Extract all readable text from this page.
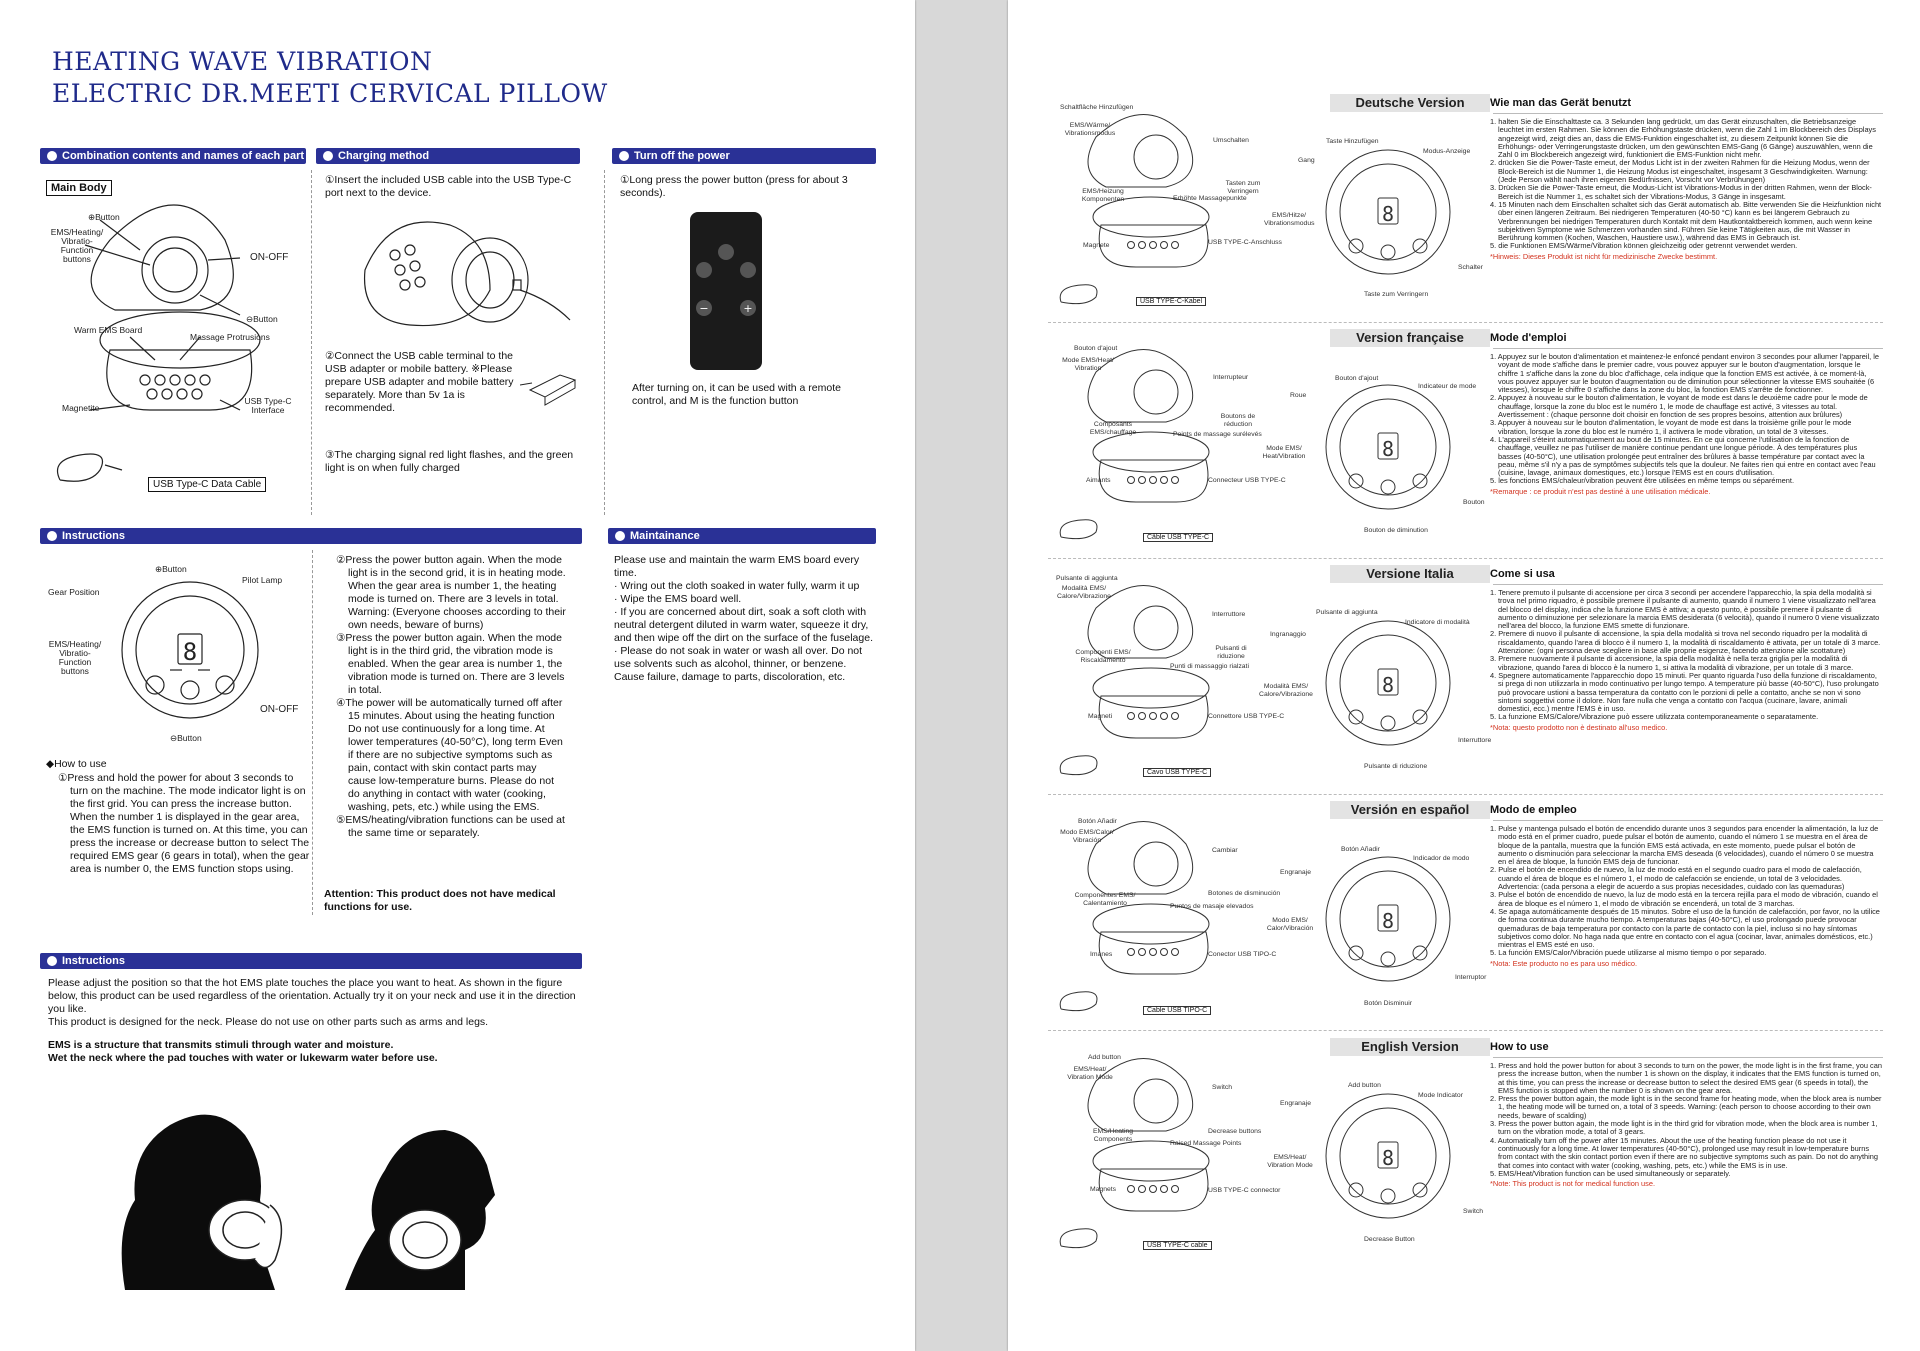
HEATING WAVE VIBRATION
ELECTRIC DR.MEETI CERVICAL PILLOW
Combination contents and names of each part	Charging method	Turn off the power
Main Body
⊕Button
EMS/Heating/ Vibratio-Function buttons	ON-OFF
⊖Button
Warm EMS Board
Massage Protrusions
Magnetite
USB Type-C Interface
USB Type-C Data Cable
①Insert the included USB cable into the USB Type-C port next to the device.
②Connect the USB cable terminal to the USB adapter or mobile battery. ※Please prepare USB adapter and mobile battery separately. More than 5v 1a is recommended.
③The charging signal red light flashes, and the green light is on when fully charged
①Long press the power button (press for about 3 seconds).
−	+
After turning on, it can be used with a remote control, and M is the function button
Instructions	Maintainance
8
⊕Button
Pilot Lamp
Gear Position
EMS/Heating/ Vibratio-Function buttons
ON-OFF
⊖Button
◆How to use
①Press and hold the power for about 3 seconds to turn on the machine. The mode indicator light is on the first grid. You can press the increase button. When the number 1 is displayed in the gear area, the EMS function is turned on. At this time, you can press the increase or decrease button to select The required EMS gear (6 gears in total), when the gear area is number 0, the EMS function stops using.

②Press the power button again. When the mode light is in the second grid, it is in heating mode. When the gear area is number 1, the heating mode is turned on. There are 3 levels in total. Warning: (Everyone chooses according to their own needs, beware of burns)

③Press the power button again. When the mode light is in the third grid, the vibration mode is enabled. When the gear area is number 1, the vibration mode is turned on. There are 3 levels in total.

④The power will be automatically turned off after 15 minutes. About using the heating function Do not use continuously for a long time. At lower temperatures (40-50°C), long term Even if there are no subjective symptoms such as pain, contact with skin contact parts may cause low-temperature burns. Please do not do anything in contact with water (cooking, washing, pets, etc.) while using the EMS.

⑤EMS/heating/vibration functions can be used at the same time or separately.

Attention: This product does not have medical functions for use.

Please use and maintain the warm EMS board every time.

· Wring out the cloth soaked in water fully, warm it up

· Wipe the EMS board well.

· If you are concerned about dirt, soak a soft cloth with neutral detergent diluted in warm water, squeeze it dry, and then wipe off the dirt on the surface of the fuselage.

· Please do not soak in water or wash all over. Do not use solvents such as alcohol, thinner, or benzene. Cause failure, damage to parts, discoloration, etc.

Instructions

Please adjust the position so that the hot EMS plate touches the place you want to heat. As shown in the figure below, this product can be used regardless of the orientation. Actually try it on your neck and use it in the direction you like.

This product is designed for the neck. Please do not use on other parts such as arms and legs.

EMS is a structure that transmits stimuli through water and moisture.

Wet the neck where the pad touches with water or lukewarm water before use.

8
Schaltfläche Hinzufügen
EMS/Wärme/ Vibrationsmodus
Umschalten
Tasten zum Verringern
EMS/Heizung Komponenten	Erhöhte Massagepunkte
Magnete	USB TYPE-C-Anschluss
USB TYPE-C-Kabel
Taste Hinzufügen
Modus-Anzeige
Gang
EMS/Hitze/ Vibrationsmodus
Schalter
Taste zum Verringern
Deutsche Version	Wie man das Gerät benutzt

1. halten Sie die Einschalttaste ca. 3 Sekunden lang gedrückt, um das Gerät einzuschalten, die Betriebsanzeige leuchtet im ersten Rahmen. Sie können die Erhöhungstaste drücken, wenn die Zahl 1 im Blockbereich des Displays angezeigt wird, zeigt dies an, dass die EMS-Funktion eingeschaltet ist, zu diesem Zeitpunkt können Sie die Erhöhungs- oder Verringerungstaste drücken, um den gewünschten EMS-Gang (6 Gänge) auszuwählen, wenn die Zahl 0 im Blockbereich angezeigt wird, funktioniert die EMS-Funktion nicht mehr.

2. drücken Sie die Power-Taste erneut, der Modus Licht ist in der zweiten Rahmen für die Heizung Modus, wenn der Block-Bereich ist die Nummer 1, die Heizung Modus ist eingeschaltet, insgesamt 3 Geschwindigkeiten. Warnung: (Jede Person wählt nach ihren eigenen Bedürfnissen, Vorsicht vor Verbrühungen)

3. Drücken Sie die Power-Taste erneut, die Modus-Licht ist Vibrations-Modus in der dritten Rahmen, wenn der Block-Bereich ist die Nummer 1, es schaltet sich der Vibrations-Modus, 3 Gänge in insgesamt.

4. 15 Minuten nach dem Einschalten schaltet sich das Gerät automatisch ab. Bitte verwenden Sie die Heizfunktion nicht über einen längeren Zeitraum. Bei niedrigeren Temperaturen (40-50 °C) kann es bei längerem Gebrauch zu Verbrennungen bei niedrigen Temperaturen durch Kontakt mit dem Hautkontaktbereich kommen, auch wenn keine subjektiven Symptome wie Schmerzen vorhanden sind. Führen Sie keine Tätigkeiten aus, die mit Wasser in Berührung kommen (Kochen, Waschen, Haustiere usw.), während das EMS in Gebrauch ist.

5. die Funktionen EMS/Wärme/Vibration können gleichzeitig oder getrennt verwendet werden.

*Hinweis: Dieses Produkt ist nicht für medizinische Zwecke bestimmt.

8
Bouton d'ajout
Mode EMS/Heat/ Vibration
Interrupteur
Boutons de réduction
Composants EMS/chauffage	Points de massage surélevés
Aimants	Connecteur USB TYPE-C
Câble USB TYPE-C
Bouton d'ajout
Indicateur de mode
Roue
Mode EMS/ Heat/Vibration
Bouton
Bouton de diminution
Version française	Mode d'emploi

1. Appuyez sur le bouton d'alimentation et maintenez-le enfoncé pendant environ 3 secondes pour allumer l'appareil, le voyant de mode s'affiche dans le premier cadre, vous pouvez appuyer sur le bouton d'augmentation, lorsque le chiffre 1 s'affiche dans la zone du bloc d'affichage, cela indique que la fonction EMS est activée, à ce moment-là, vous pouvez appuyer sur le bouton d'augmentation ou de diminution pour sélectionner la vitesse EMS souhaitée (6 vitesses), lorsque le chiffre 0 s'affiche dans la zone du bloc, la fonction EMS s'arrête de fonctionner.

2. Appuyez à nouveau sur le bouton d'alimentation, le voyant de mode est dans le deuxième cadre pour le mode de chauffage, lorsque la zone du bloc est le numéro 1, le mode de chauffage est activé, 3 vitesses au total. Avertissement : (chaque personne doit choisir en fonction de ses propres besoins, attention aux brûlures)

3. Appuyer à nouveau sur le bouton d'alimentation, le voyant de mode est dans la troisième grille pour le mode vibration, lorsque la zone du bloc est le numéro 1, il activera le mode vibration, un total de 3 vitesses.

4. L'appareil s'éteint automatiquement au bout de 15 minutes. En ce qui concerne l'utilisation de la fonction de chauffage, veuillez ne pas l'utiliser de manière continue pendant une longue période. À des températures plus basses (40-50°C), une utilisation prolongée peut entraîner des brûlures à basse température par contact avec la peau, même s'il n'y a pas de symptômes subjectifs tels que la douleur. Ne faites rien qui entre en contact avec l'eau (cuisine, lavage, animaux domestiques, etc.) lorsque l'EMS est en cours d'utilisation.

5. les fonctions EMS/chaleur/vibration peuvent être utilisées en même temps ou séparément.

*Remarque : ce produit n'est pas destiné à une utilisation médicale.

8
Pulsante di aggiunta
Modalità EMS/ Calore/Vibrazione
Interruttore
Pulsanti di riduzione
Componenti EMS/ Riscaldamento
Punti di massaggio rialzati
Magneti	Connettore USB TYPE-C
Cavo USB TYPE-C
Pulsante di aggiunta
Indicatore di modalità
Ingranaggio
Modalità EMS/ Calore/Vibrazione
Interruttore
Pulsante di riduzione
Versione Italia	Come si usa

1. Tenere premuto il pulsante di accensione per circa 3 secondi per accendere l'apparecchio, la spia della modalità si trova nel primo riquadro, è possibile premere il pulsante di aumento, quando il numero 1 viene visualizzato nell'area del blocco del display, indica che la funzione EMS è attiva; a questo punto, è possibile premere il pulsante di aumento o diminuzione per selezionare la marcia EMS desiderata (6 velocità), quando il numero 0 viene visualizzato nell'area del blocco, la funzione EMS smette di funzionare.

2. Premere di nuovo il pulsante di accensione, la spia della modalità si trova nel secondo riquadro per la modalità di riscaldamento, quando l'area di blocco è il numero 1, la modalità di riscaldamento è attivata, per un totale di 3 marce. Attenzione: (ogni persona deve scegliere in base alle proprie esigenze, facendo attenzione alle scottature)

3. Premere nuovamente il pulsante di accensione, la spia della modalità è nella terza griglia per la modalità di vibrazione, quando l'area di blocco è la numero 1, si attiva la modalità di vibrazione, per un totale di 3 marce.

4. Spegnere automaticamente l'apparecchio dopo 15 minuti. Per quanto riguarda l'uso della funzione di riscaldamento, si prega di non utilizzarla in modo continuativo per lungo tempo. A temperature più basse (40-50°C), l'uso prolungato può provocare ustioni a bassa temperatura da contatto con le porzioni di pelle a contatto, anche se non vi sono sintomi soggettivi come il dolore. Non fare nulla che venga a contatto con l'acqua (cucinare, lavare, animali domestici, ecc.) mentre l'EMS è in uso.

5. La funzione EMS/Calore/Vibrazione può essere utilizzata contemporaneamente o separatamente.

*Nota: questo prodotto non è destinato all'uso medico.

8
Botón Añadir
Modo EMS/Calor/ Vibración
Cambiar
Botones de disminución
Componentes EMS/ Calentamiento	Puntos de masaje elevados
Imanes	Conector USB TIPO-C
Cable USB TIPO-C
Botón Añadir
Indicador de modo
Engranaje
Modo EMS/ Calor/Vibración
Interruptor
Botón Disminuir
Versión en español	Modo de empleo

1. Pulse y mantenga pulsado el botón de encendido durante unos 3 segundos para encender la alimentación, la luz de modo está en el primer cuadro, puede pulsar el botón de aumento, cuando el número 1 se muestra en el área de bloque de la pantalla, muestra que la función EMS está activada, en este momento, puede pulsar el botón de aumento o disminución para seleccionar la marcha EMS deseada (6 velocidades), cuando el número 0 se muestra en el área de bloque, la función EMS deja de funcionar.

2. Pulse el botón de encendido de nuevo, la luz de modo está en el segundo cuadro para el modo de calefacción, cuando el área de bloque es el número 1, el modo de calefacción se enciende, un total de 3 velocidades. Advertencia: (cada persona a elegir de acuerdo a sus propias necesidades, cuidado con las quemaduras)

3. Pulse el botón de encendido de nuevo, la luz de modo está en la tercera rejilla para el modo de vibración, cuando el área de bloque es el número 1, el modo de vibración se encenderá, un total de 3 marchas.

4. Se apaga automáticamente después de 15 minutos. Sobre el uso de la función de calefacción, por favor, no la utilice de forma continua durante mucho tiempo. A temperaturas bajas (40-50°C), el uso prolongado puede provocar quemaduras de baja temperatura por contacto con la parte de contacto con la piel, incluso si no hay síntomas subjetivos como dolor. No haga nada que entre en contacto con el agua (cocinar, lavar, animales domésticos, etc.) mientras el EMS esté en uso.

5. La función EMS/Calor/Vibración puede utilizarse al mismo tiempo o por separado.

*Nota: Este producto no es para uso médico.

8
Add button
EMS/Heat/ Vibration Mode
Switch
Decrease buttons
EMS/Heating Components
Raised Massage Points
Magnets	USB TYPE-C connector
USB TYPE-C cable
Add button
Mode Indicator
Engranaje
EMS/Heat/ Vibration Mode
Switch
Decrease Button
English Version	How to use

1. Press and hold the power button for about 3 seconds to turn on the power, the mode light is in the first frame, you can press the increase button, when the number 1 is shown on the display, it indicates that the EMS function is turned on, at this time, you can press the increase or decrease button to select the desired EMS gear (6 speeds in total), the EMS function is stopped when the number 0 is shown on the gear area.

2. Press the power button again, the mode light is in the second frame for heating mode, when the block area is number 1, the heating mode will be turned on, a total of 3 speeds. Warning: (each person to choose according to their own needs, beware of scalding)

3. Press the power button again, the mode light is in the third grid for vibration mode, when the block area is number 1, turn on the vibration mode, a total of 3 gears.

4. Automatically turn off the power after 15 minutes. About the use of the heating function please do not use it continuously for a long time. At lower temperatures (40-50°C), prolonged use may result in low-temperature burns from contact with the skin contact portion even if there are no subjective symptoms such as pain. Do not do anything that comes into contact with water (cooking, washing, pets, etc.) while the EMS is in use.

5. EMS/Heat/Vibration function can be used simultaneously or separately.

*Note: This product is not for medical function use.
